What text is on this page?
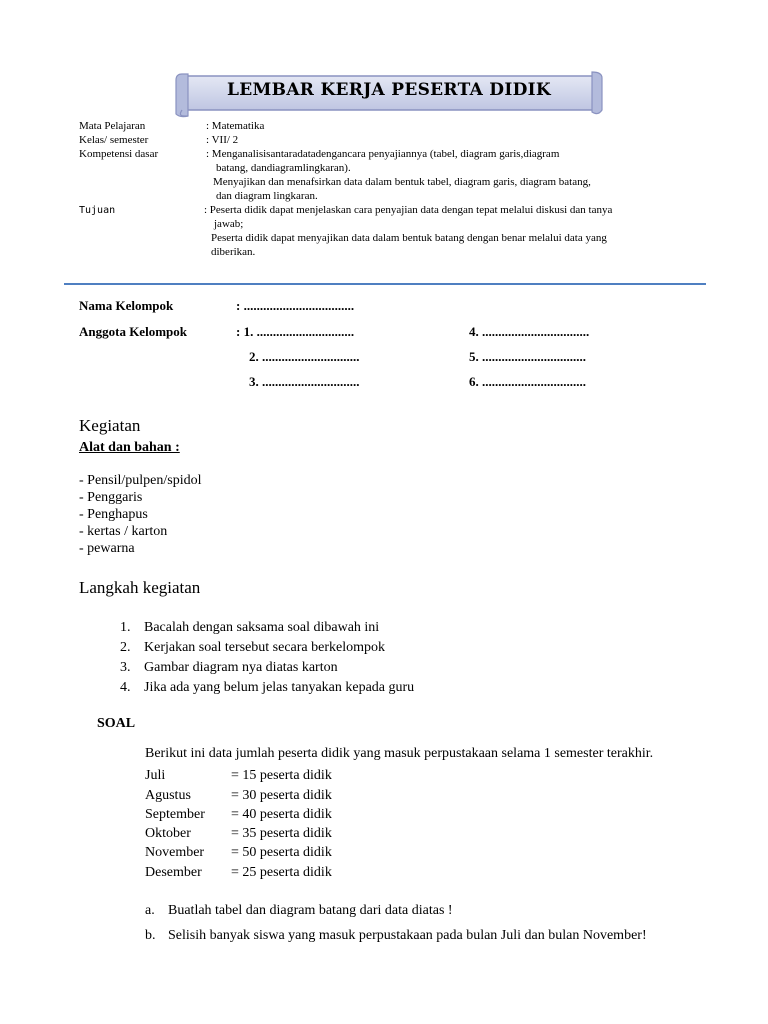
LEMBAR KERJA PESERTA DIDIK
Mata Pelajaran	: Matematika
Kelas/ semester	: VII/ 2
Kompetensi dasar	: Menganalisisantaradatadengancara penyajiannya (tabel, diagram garis,diagram
batang, dandiagramlingkaran).
Menyajikan dan menafsirkan data dalam bentuk tabel, diagram garis, diagram batang,
dan diagram lingkaran.
Tujuan	: Peserta didik dapat menjelaskan cara penyajian data dengan tepat melalui diskusi dan tanya
jawab;
Peserta didik dapat menyajikan data dalam bentuk batang dengan benar melalui data yang
diberikan.
Nama Kelompok	: ..................................
Anggota Kelompok	: 1. ..............................
2. ..............................
3. ..............................
4. .................................
5. ................................
6. ................................
Kegiatan
Alat dan bahan :
- Pensil/pulpen/spidol
- Penggaris
- Penghapus
- kertas / karton
- pewarna
Langkah kegiatan
1. Bacalah dengan saksama soal dibawah ini
2. Kerjakan soal tersebut secara berkelompok
3. Gambar diagram nya diatas karton
4. Jika ada yang belum jelas tanyakan kepada guru
SOAL
Berikut ini data jumlah peserta didik yang masuk perpustakaan selama 1 semester terakhir.
Juli	= 15 peserta didik
Agustus	= 30 peserta didik
September = 40 peserta didik
Oktober	= 35 peserta didik
November = 50 peserta didik
Desember = 25 peserta didik
a. Buatlah tabel dan diagram batang dari data diatas !
b. Selisih banyak siswa yang masuk perpustakaan pada bulan Juli dan bulan November!
